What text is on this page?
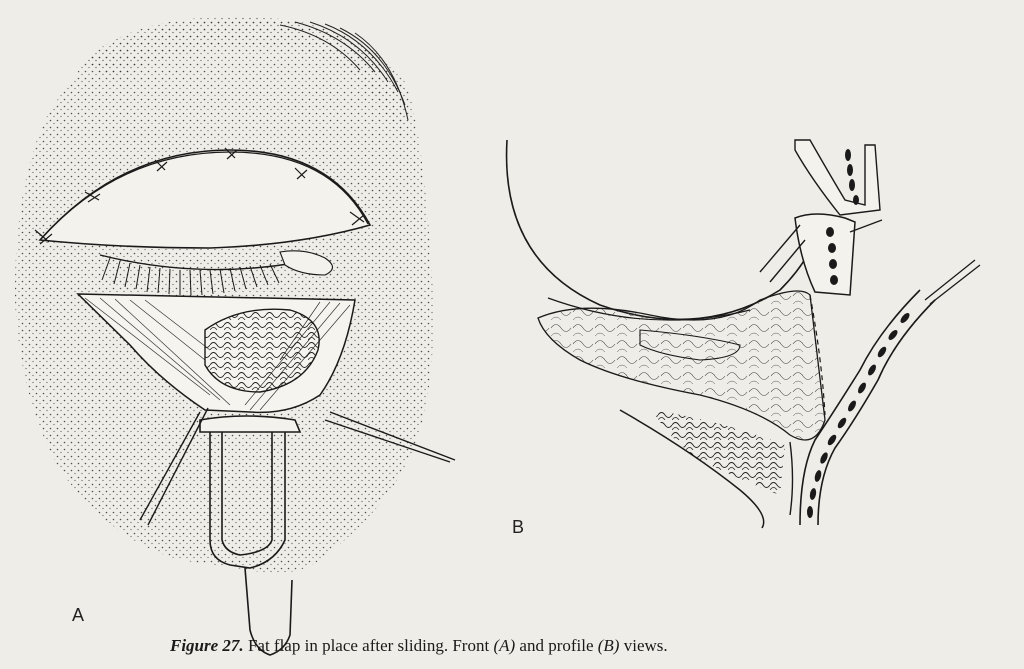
A
B
Figure 27. Fat flap in place after sliding. Front (A) and profile (B) views.
